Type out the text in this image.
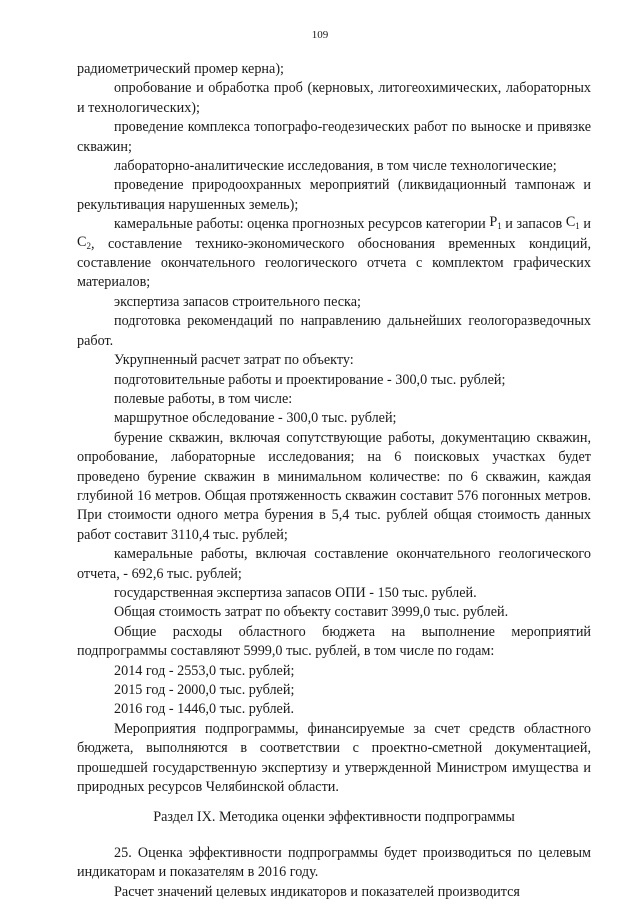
109

радиометрический промер керна);

опробование и обработка проб (керновых, литогеохимических, лабораторных и технологических);

проведение комплекса топографо-геодезических работ по выноске и привязке скважин;

лабораторно-аналитические исследования, в том числе технологические;

проведение природоохранных мероприятий (ликвидационный тампонаж и рекультивация нарушенных земель);

камеральные работы: оценка прогнозных ресурсов категории $P_1$ и запасов $C_1$ и $C_2$, составление технико-экономического обоснования временных кондиций, составление окончательного геологического отчета с комплектом графических материалов;

экспертиза запасов строительного песка;

подготовка рекомендаций по направлению дальнейших геологоразведочных работ.

Укрупненный расчет затрат по объекту:

подготовительные работы и проектирование - 300,0 тыс. рублей;

полевые работы, в том числе:

маршрутное обследование - 300,0 тыс. рублей;

бурение скважин, включая сопутствующие работы, документацию скважин, опробование, лабораторные исследования; на 6 поисковых участках будет проведено бурение скважин в минимальном количестве: по 6 скважин, каждая глубиной 16 метров. Общая протяженность скважин составит 576 погонных метров. При стоимости одного метра бурения в 5,4 тыс. рублей общая стоимость данных работ составит 3110,4 тыс. рублей;

камеральные работы, включая составление окончательного геологического отчета, - 692,6 тыс. рублей;

государственная экспертиза запасов ОПИ - 150 тыс. рублей.

Общая стоимость затрат по объекту составит 3999,0 тыс. рублей.

Общие расходы областного бюджета на выполнение мероприятий подпрограммы составляют 5999,0 тыс. рублей, в том числе по годам:

2014 год - 2553,0 тыс. рублей;

2015 год - 2000,0 тыс. рублей;

2016 год - 1446,0 тыс. рублей.

Мероприятия подпрограммы, финансируемые за счет средств областного бюджета, выполняются в соответствии с проектно-сметной документацией, прошедшей государственную экспертизу и утвержденной Министром имущества и природных ресурсов Челябинской области.

Раздел IX. Методика оценки эффективности подпрограммы

25. Оценка эффективности подпрограммы будет производиться по целевым индикаторам и показателям в 2016 году.

Расчет значений целевых индикаторов и показателей производится
